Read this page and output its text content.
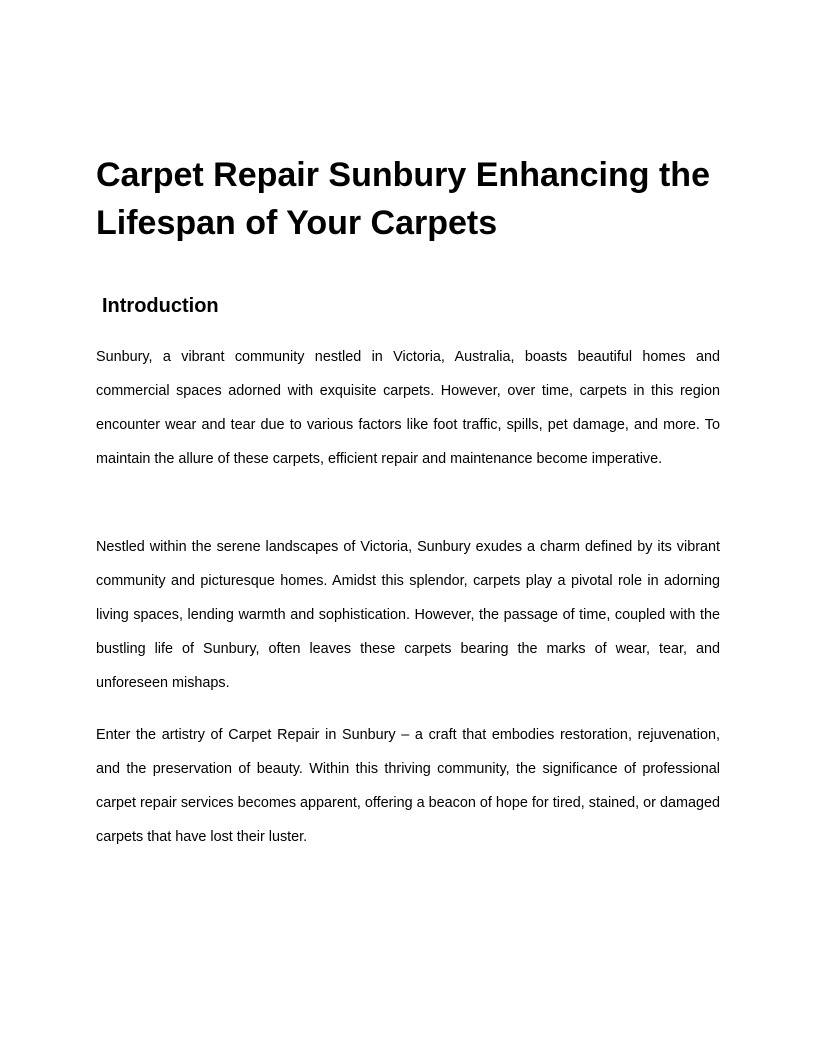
Carpet Repair Sunbury Enhancing the Lifespan of Your Carpets
Introduction

Sunbury, a vibrant community nestled in Victoria, Australia, boasts beautiful homes and commercial spaces adorned with exquisite carpets. However, over time, carpets in this region encounter wear and tear due to various factors like foot traffic, spills, pet damage, and more. To maintain the allure of these carpets, efficient repair and maintenance become imperative.

Nestled within the serene landscapes of Victoria, Sunbury exudes a charm defined by its vibrant community and picturesque homes. Amidst this splendor, carpets play a pivotal role in adorning living spaces, lending warmth and sophistication. However, the passage of time, coupled with the bustling life of Sunbury, often leaves these carpets bearing the marks of wear, tear, and unforeseen mishaps.

Enter the artistry of Carpet Repair in Sunbury – a craft that embodies restoration, rejuvenation, and the preservation of beauty. Within this thriving community, the significance of professional carpet repair services becomes apparent, offering a beacon of hope for tired, stained, or damaged carpets that have lost their luster.
